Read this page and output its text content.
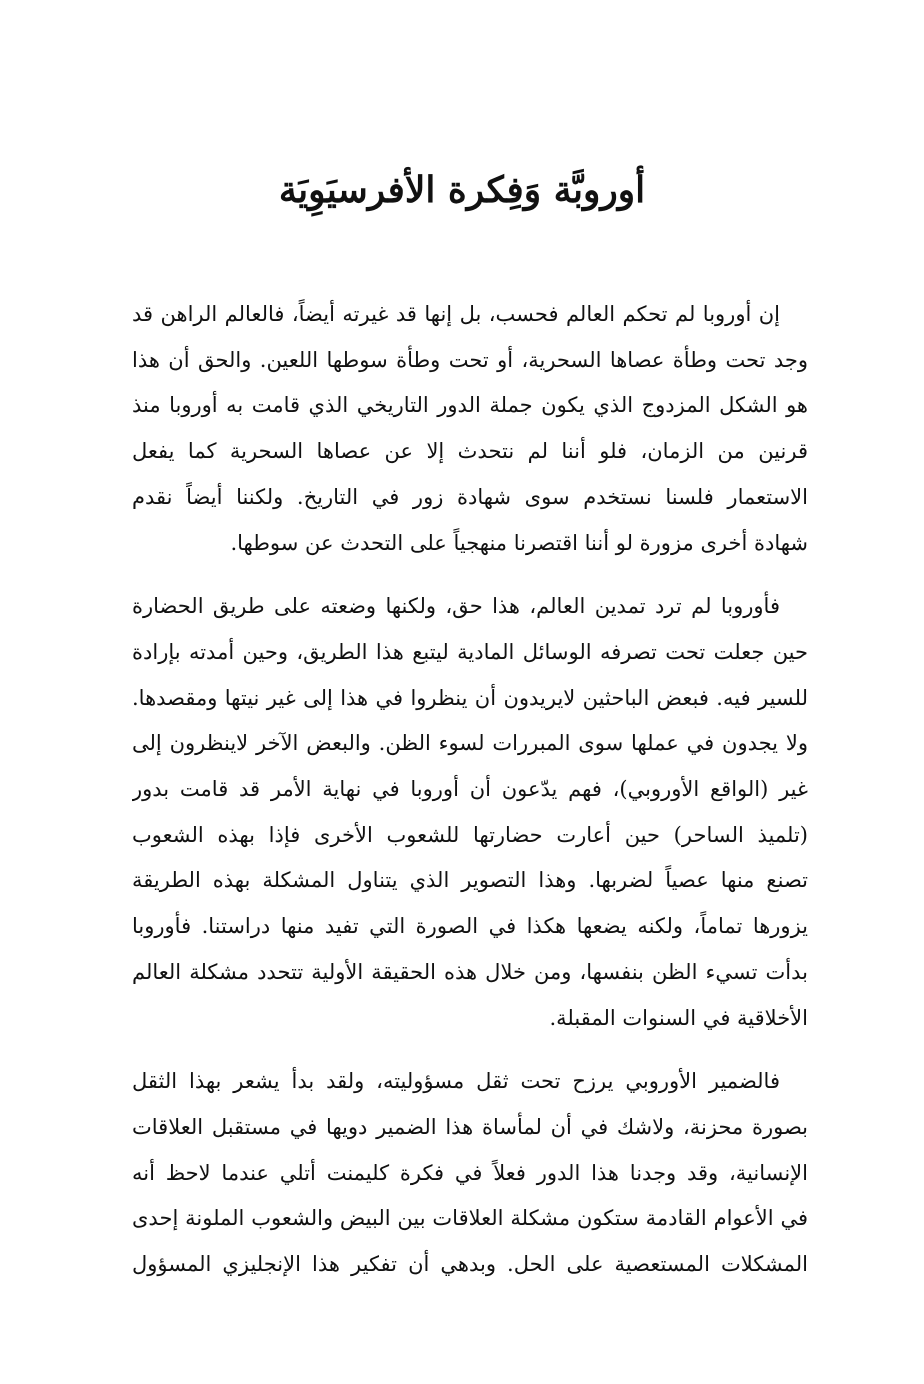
أوروبَّة وَفِكرة الأفرسيَوِيَة

إن أوروبا لم تحكم العالم فحسب، بل إنها قد غيرته أيضاً، فالعالم الراهن قد
وجد تحت وطأة عصاها السحرية، أو تحت وطأة سوطها اللعين. والحق أن هذا
هو الشكل المزدوج الذي يكون جملة الدور التاريخي الذي قامت به أوروبا منذ
قرنين من الزمان، فلو أننا لم نتحدث إلا عن عصاها السحرية كما يفعل
الاستعمار فلسنا نستخدم سوى شهادة زور في التاريخ. ولكننا أيضاً نقدم
شهادة أخرى مزورة لو أننا اقتصرنا منهجياً على التحدث عن سوطها.

فأوروبا لم ترد تمدين العالم، هذا حق، ولكنها وضعته على طريق الحضارة
حين جعلت تحت تصرفه الوسائل المادية ليتبع هذا الطريق، وحين أمدته بإرادة
للسير فيه. فبعض الباحثين لايريدون أن ينظروا في هذا إلى غير نيتها ومقصدها.
ولا يجدون في عملها سوى المبررات لسوء الظن. والبعض الآخر لاينظرون إلى
غير (الواقع الأوروبي)، فهم يدّعون أن أوروبا في نهاية الأمر قد قامت بدور
(تلميذ الساحر) حين أعارت حضارتها للشعوب الأخرى فإذا بهذه الشعوب
تصنع منها عصياً لضربها. وهذا التصوير الذي يتناول المشكلة بهذه الطريقة
يزورها تماماً، ولكنه يضعها هكذا في الصورة التي تفيد منها دراستنا. فأوروبا
بدأت تسيء الظن بنفسها، ومن خلال هذه الحقيقة الأولية تتحدد مشكلة العالم
الأخلاقية في السنوات المقبلة.

فالضمير الأوروبي يرزح تحت ثقل مسؤوليته، ولقد بدأ يشعر بهذا الثقل
بصورة محزنة، ولاشك في أن لمأساة هذا الضمير دويها في مستقبل العلاقات
الإنسانية، وقد وجدنا هذا الدور فعلاً في فكرة كليمنت أتلي عندما لاحظ أنه
في الأعوام القادمة ستكون مشكلة العلاقات بين البيض والشعوب الملونة إحدى
المشكلات المستعصية على الحل. وبدهي أن تفكير هذا الإنجليزي المسؤول
